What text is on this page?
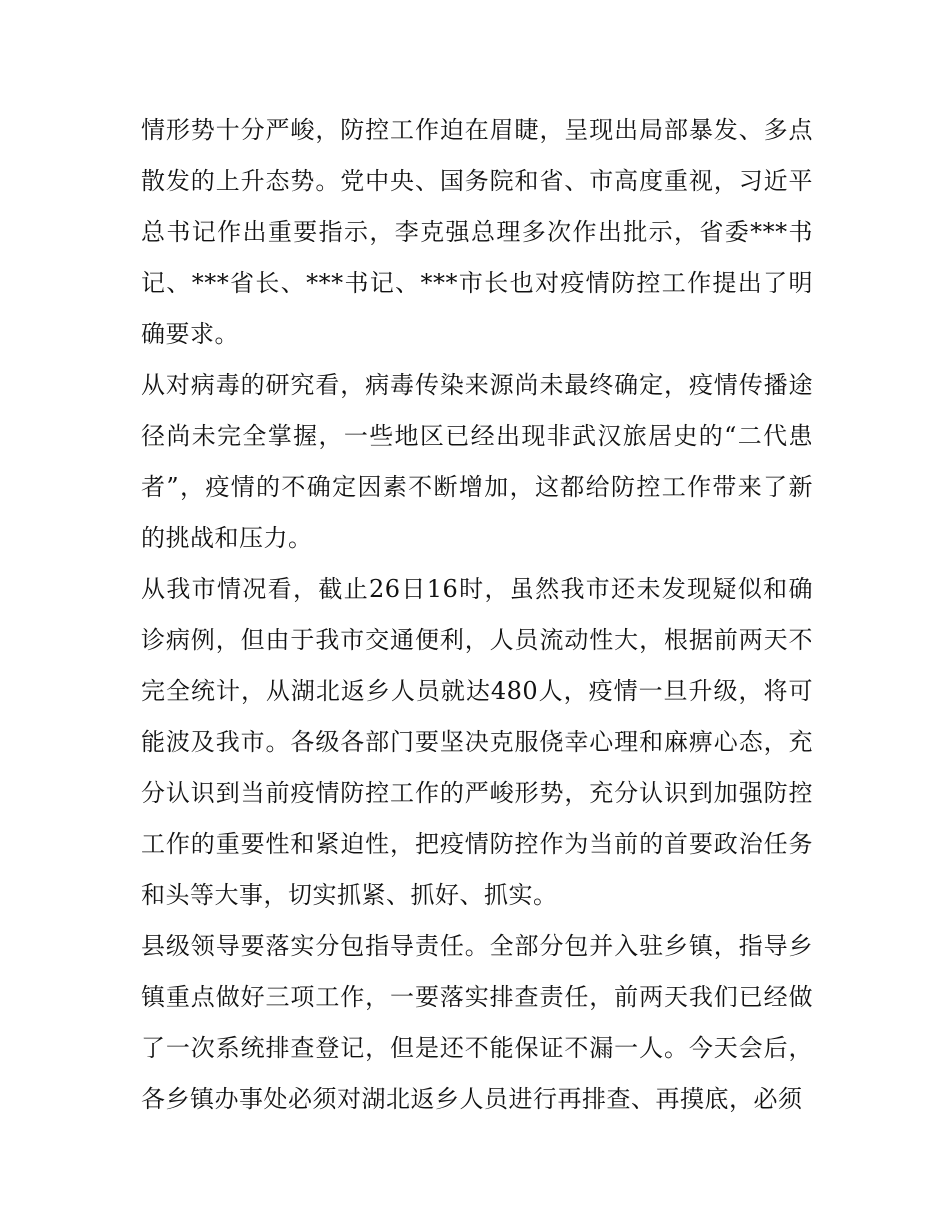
情形势十分严峻，防控工作迫在眉睫，呈现出局部暴发、多点散发的上升态势。党中央、国务院和省、市高度重视，习近平总书记作出重要指示，李克强总理多次作出批示，省委***书记、***省长、***书记、***市长也对疫情防控工作提出了明确要求。

从对病毒的研究看，病毒传染来源尚未最终确定，疫情传播途径尚未完全掌握，一些地区已经出现非武汉旅居史的“二代患者”，疫情的不确定因素不断增加，这都给防控工作带来了新的挑战和压力。

从我市情况看，截止26日16时，虽然我市还未发现疑似和确诊病例，但由于我市交通便利，人员流动性大，根据前两天不完全统计，从湖北返乡人员就达480人，疫情一旦升级，将可能波及我市。各级各部门要坚决克服侥幸心理和麻痹心态，充分认识到当前疫情防控工作的严峻形势，充分认识到加强防控工作的重要性和紧迫性，把疫情防控作为当前的首要政治任务和头等大事，切实抓紧、抓好、抓实。

县级领导要落实分包指导责任。全部分包并入驻乡镇，指导乡镇重点做好三项工作，一要落实排查责任，前两天我们已经做了一次系统排查登记，但是还不能保证不漏一人。今天会后，各乡镇办事处必须对湖北返乡人员进行再排查、再摸底，必须
